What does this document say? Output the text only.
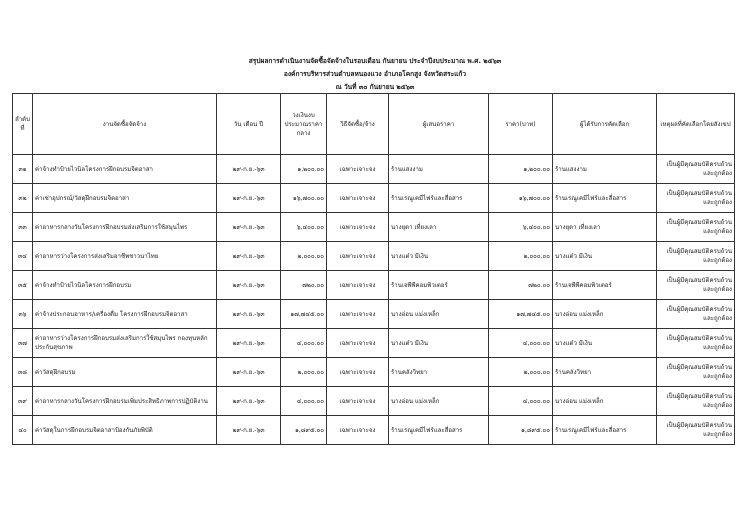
สรุปผลการดำเนินงานจัดซื้อจัดจ้างในรอบเดือน กันยายน ประจำปีงบประมาณ พ.ศ. ๒๕๖๓
องค์การบริหารส่วนตำบลหนองแวง อำเภอโคกสูง จังหวัดสระแก้ว
ณ วันที่ ๓๐ กันยายน ๒๕๖๓
ลำดับที่	งานจัดซื้อจัดจ้าง	วัน เดือน ปี	วงเงินงบประมาณราคากลาง	วิธีจัดซื้อ/จ้าง	ผู้เสนอราคา	ราคา(บาท)	ผู้ได้รับการคัดเลือก	เหตุผลที่คัดเลือกโดยสังเขป
๓๑	ค่าจ้างทำป้ายไวนิลโครงการฝึกอบรมจิตอาสา	๒๙-ก.ย.-๖๓	๑,๒๐๐.๐๐	เฉพาะเจาะจง	ร้านแสงงาม	๑,๒๐๐.๐๐	ร้านแสงงาม	เป็นผู้มีคุณสมบัติครบถ้วนและถูกต้อง
๓๒	ค่าเช่าอุปกรณ์/วัสดุฝึกอบรมจิตอาสา	๒๙-ก.ย.-๖๓	๑๖,๗๐๐.๐๐	เฉพาะเจาะจง	ร้านเรณูเคมีไฟร์และสื่อสาร	๑๖,๗๐๐.๐๐	ร้านเรณูเคมีไฟร์และสื่อสาร	เป็นผู้มีคุณสมบัติครบถ้วนและถูกต้อง
๓๓	ค่าอาหารกลางวันโครงการฝึกอบรมส่งเสริมการใช้สมุนไพร	๒๙-ก.ย.-๖๓	๖,๔๐๐.๐๐	เฉพาะเจาะจง	นางยุดา เที่ยงเลา	๖,๔๐๐.๐๐	นางยุดา เที่ยงเลา	เป็นผู้มีคุณสมบัติครบถ้วนและถูกต้อง
๓๔	ค่าอาหารว่างโครงการส่งเสริมอาชีพชาวนาไทย	๒๙-ก.ย.-๖๓	๒,๐๐๐.๐๐	เฉพาะเจาะจง	นางแต๋ว มีเงิน	๒,๐๐๐.๐๐	นางแต๋ว มีเงิน	เป็นผู้มีคุณสมบัติครบถ้วนและถูกต้อง
๓๕	ค่าจ้างทำป้ายไวนิลโครงการฝึกอบรม	๒๙-ก.ย.-๖๓	๗๒๐.๐๐	เฉพาะเจาะจง	ร้านเจพีพีคอมพิวเตอร์	๗๒๐.๐๐	ร้านเจพีพีคอมพิวเตอร์	เป็นผู้มีคุณสมบัติครบถ้วนและถูกต้อง
๓๖	ค่าจ้างประกอบอาหาร/เครื่องดื่ม โครงการฝึกอบรมจิตอาสา	๒๙-ก.ย.-๖๓	๑๗,๗๔๕.๐๐	เฉพาะเจาะจง	นางอ่อน แม่งเหล็ก	๑๗,๗๔๕.๐๐	นางอ่อน แม่งเหล็ก	เป็นผู้มีคุณสมบัติครบถ้วนและถูกต้อง
๓๗	ค่าอาหารว่างโครงการฝึกอบรมส่งเสริมการใช้สมุนไพร กองทุนหลักประกันสุขภาพ	๒๙-ก.ย.-๖๓	๔,๐๐๐.๐๐	เฉพาะเจาะจง	นางแต๋ว มีเงิน	๔,๐๐๐.๐๐	นางแต๋ว มีเงิน	เป็นผู้มีคุณสมบัติครบถ้วนและถูกต้อง
๓๘	ค่าวัสดุฝึกอบรม	๒๙-ก.ย.-๖๓	๒,๐๐๐.๐๐	เฉพาะเจาะจง	ร้านคลังวิทยา	๒,๐๐๐.๐๐	ร้านคลังวิทยา	เป็นผู้มีคุณสมบัติครบถ้วนและถูกต้อง
๓๙	ค่าอาหารกลางวันโครงการฝึกอบรมเพิ่มประสิทธิภาพการปฏิบัติงาน	๒๙-ก.ย.-๖๓	๔,๐๐๐.๐๐	เฉพาะเจาะจง	นางอ่อน แม่งเหล็ก	๔,๐๐๐.๐๐	นางอ่อน แม่งเหล็ก	เป็นผู้มีคุณสมบัติครบถ้วนและถูกต้อง
๔๐	ค่าวัสดุในการฝึกอบรมจิตอาสาป้องกันภัยพิบัติ	๒๙-ก.ย.-๖๓	๑,๘๙๕.๐๐	เฉพาะเจาะจง	ร้านเรณูเคมีไฟร์และสื่อสาร	๑,๘๙๕.๐๐	ร้านเรณูเคมีไฟร์และสื่อสาร	เป็นผู้มีคุณสมบัติครบถ้วนและถูกต้อง
